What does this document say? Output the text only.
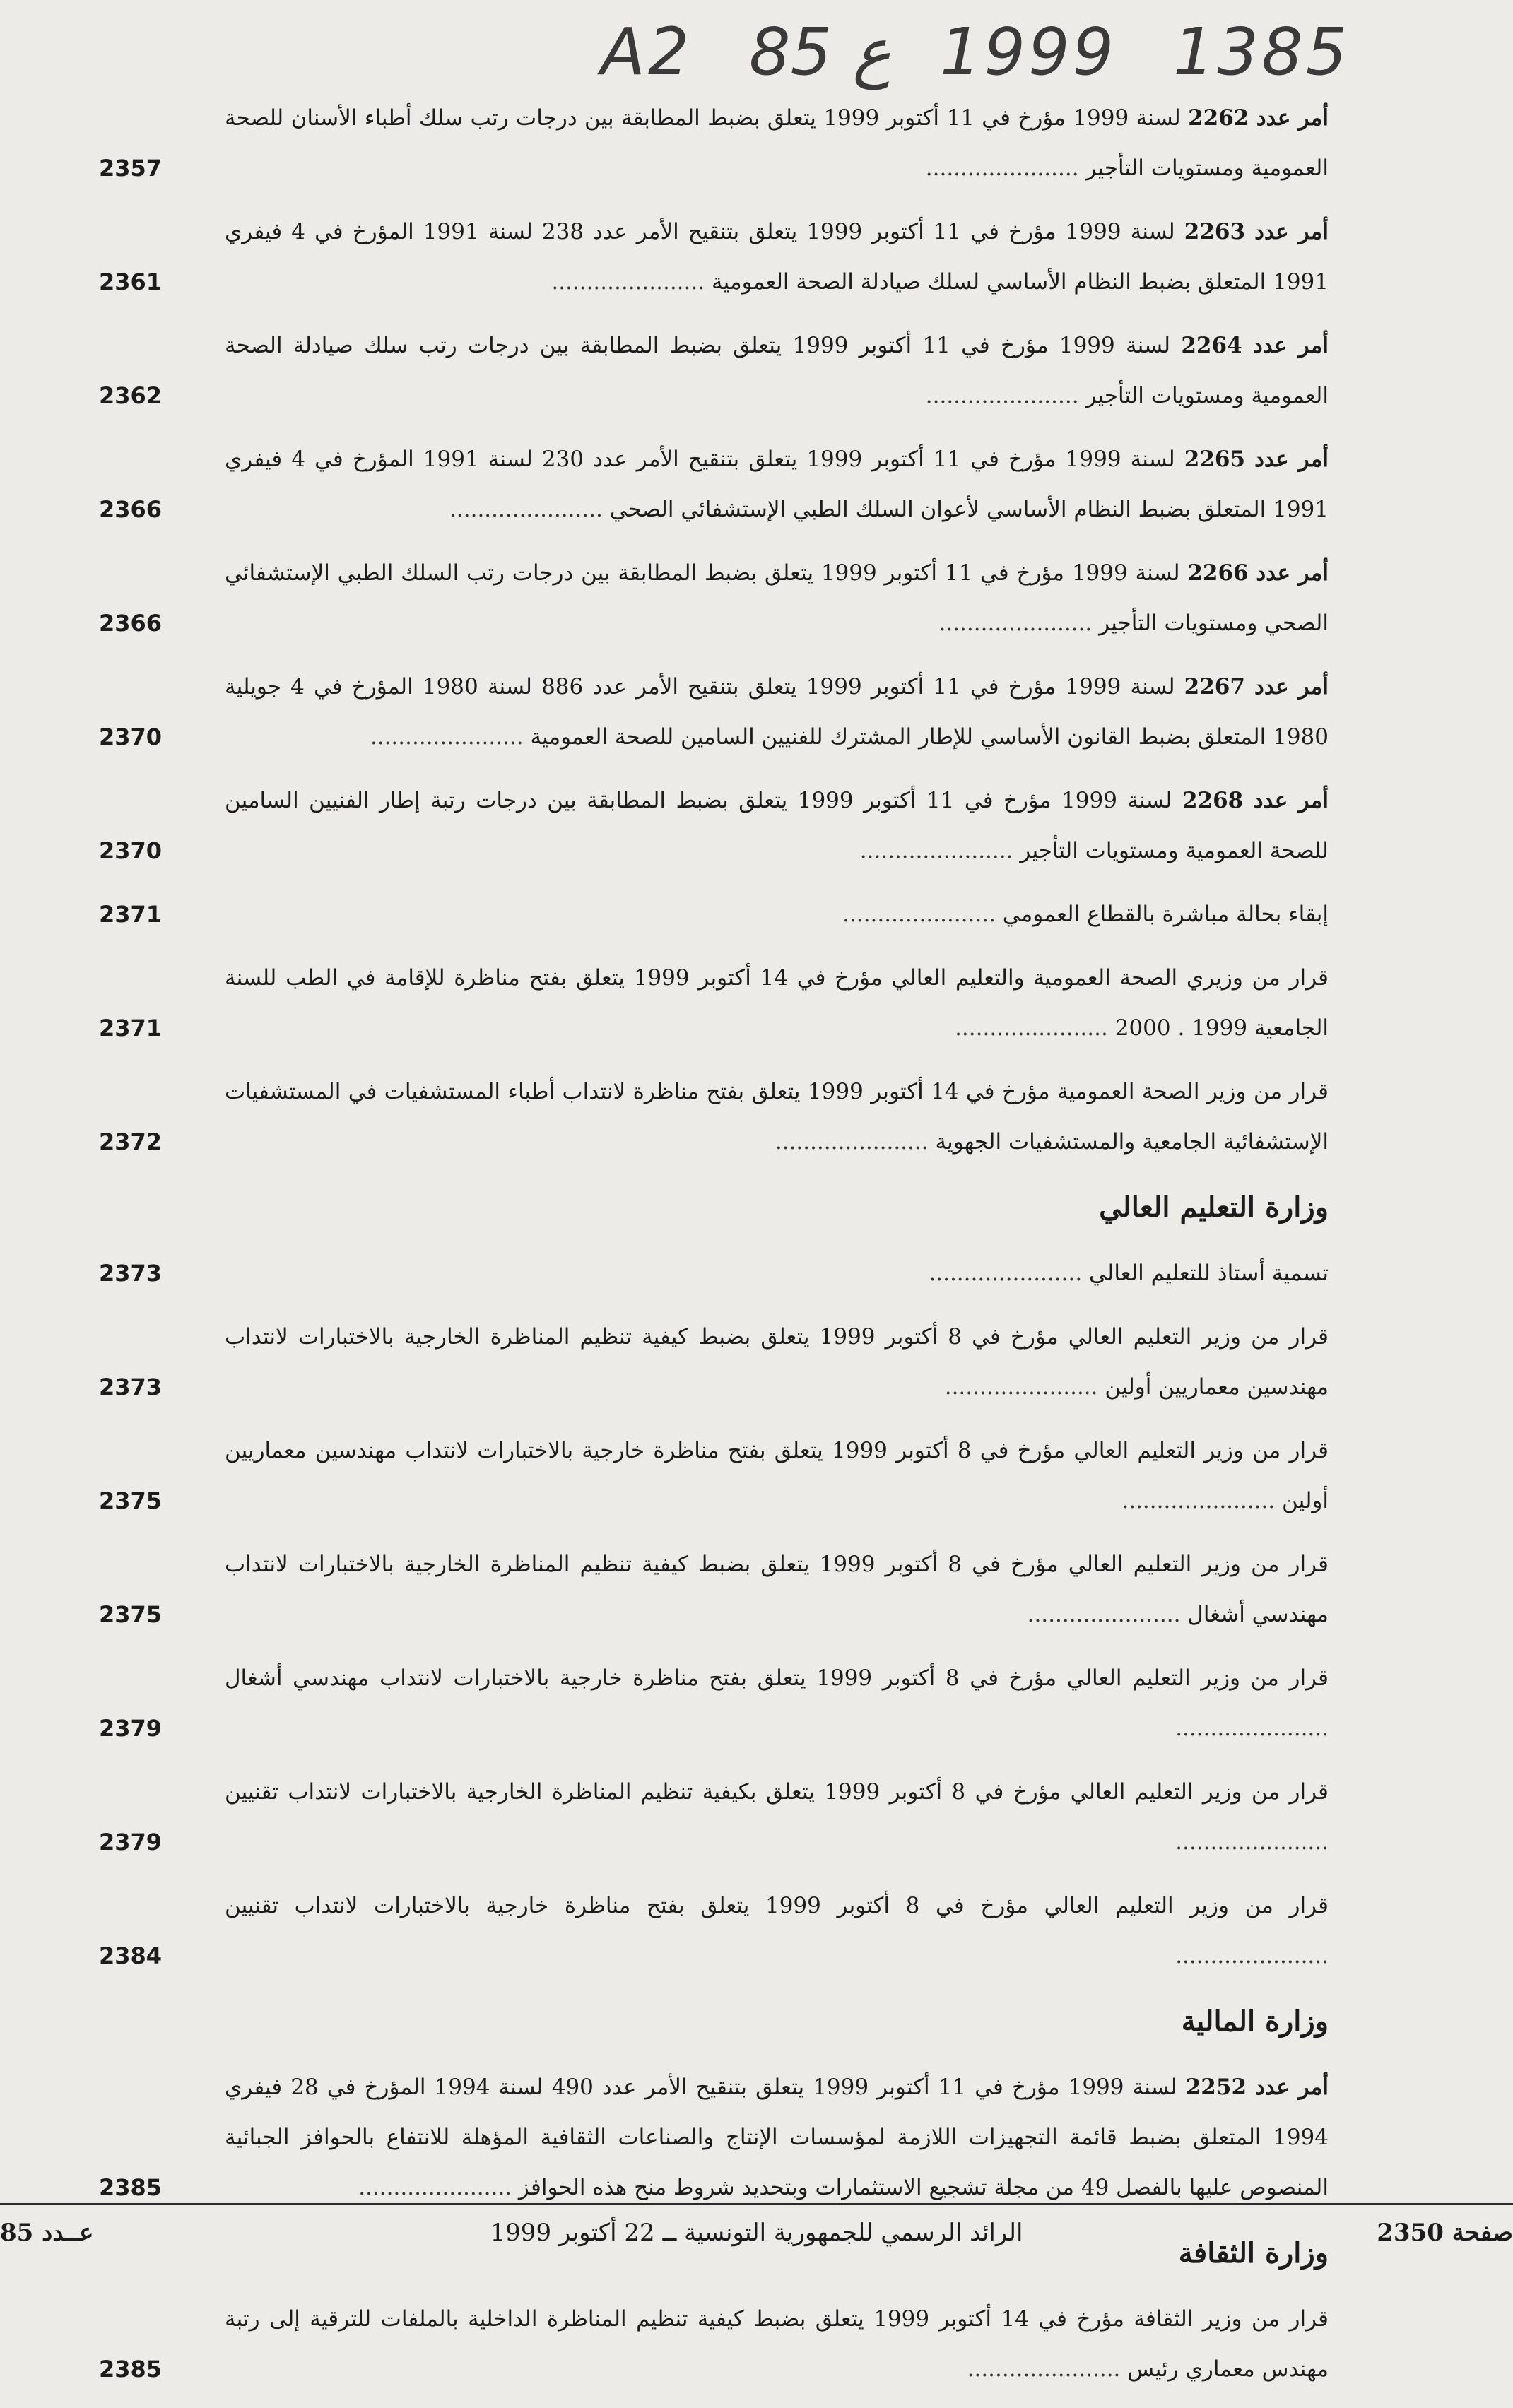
A2 85 ع 1999 1385
أمر عدد 2262 لسنة 1999 مؤرخ في 11 أكتوبر 1999 يتعلق بضبط المطابقة بين درجات رتب سلك أطباء الأسنان للصحة العمومية ومستويات التأجير ......................
2357
أمر عدد 2263 لسنة 1999 مؤرخ في 11 أكتوبر 1999 يتعلق بتنقيح الأمر عدد 238 لسنة 1991 المؤرخ في 4 فيفري 1991 المتعلق بضبط النظام الأساسي لسلك صيادلة الصحة العمومية ......................
2361
أمر عدد 2264 لسنة 1999 مؤرخ في 11 أكتوبر 1999 يتعلق بضبط المطابقة بين درجات رتب سلك صيادلة الصحة العمومية ومستويات التأجير ......................
2362
أمر عدد 2265 لسنة 1999 مؤرخ في 11 أكتوبر 1999 يتعلق بتنقيح الأمر عدد 230 لسنة 1991 المؤرخ في 4 فيفري 1991 المتعلق بضبط النظام الأساسي لأعوان السلك الطبي الإستشفائي الصحي ......................
2366
أمر عدد 2266 لسنة 1999 مؤرخ في 11 أكتوبر 1999 يتعلق بضبط المطابقة بين درجات رتب السلك الطبي الإستشفائي الصحي ومستويات التأجير ......................
2366
أمر عدد 2267 لسنة 1999 مؤرخ في 11 أكتوبر 1999 يتعلق بتنقيح الأمر عدد 886 لسنة 1980 المؤرخ في 4 جويلية 1980 المتعلق بضبط القانون الأساسي للإطار المشترك للفنيين السامين للصحة العمومية ......................
2370
أمر عدد 2268 لسنة 1999 مؤرخ في 11 أكتوبر 1999 يتعلق بضبط المطابقة بين درجات رتبة إطار الفنيين السامين للصحة العمومية ومستويات التأجير ......................
2370
إبقاء بحالة مباشرة بالقطاع العمومي ......................
2371
قرار من وزيري الصحة العمومية والتعليم العالي مؤرخ في 14 أكتوبر 1999 يتعلق بفتح مناظرة للإقامة في الطب للسنة الجامعية 1999 . 2000 ......................
2371
قرار من وزير الصحة العمومية مؤرخ في 14 أكتوبر 1999 يتعلق بفتح مناظرة لانتداب أطباء المستشفيات في المستشفيات الإستشفائية الجامعية والمستشفيات الجهوية ......................
2372
وزارة التعليم العالي
تسمية أستاذ للتعليم العالي ......................
2373
قرار من وزير التعليم العالي مؤرخ في 8 أكتوبر 1999 يتعلق بضبط كيفية تنظيم المناظرة الخارجية بالاختبارات لانتداب مهندسين معماريين أولين ......................
2373
قرار من وزير التعليم العالي مؤرخ في 8 أكتوبر 1999 يتعلق بفتح مناظرة خارجية بالاختبارات لانتداب مهندسين معماريين أولين ......................
2375
قرار من وزير التعليم العالي مؤرخ في 8 أكتوبر 1999 يتعلق بضبط كيفية تنظيم المناظرة الخارجية بالاختبارات لانتداب مهندسي أشغال ......................
2375
قرار من وزير التعليم العالي مؤرخ في 8 أكتوبر 1999 يتعلق بفتح مناظرة خارجية بالاختبارات لانتداب مهندسي أشغال ......................
2379
قرار من وزير التعليم العالي مؤرخ في 8 أكتوبر 1999 يتعلق بكيفية تنظيم المناظرة الخارجية بالاختبارات لانتداب تقنيين ......................
2379
قرار من وزير التعليم العالي مؤرخ في 8 أكتوبر 1999 يتعلق بفتح مناظرة خارجية بالاختبارات لانتداب تقنيين ......................
2384
وزارة المالية
أمر عدد 2252 لسنة 1999 مؤرخ في 11 أكتوبر 1999 يتعلق بتنقيح الأمر عدد 490 لسنة 1994 المؤرخ في 28 فيفري 1994 المتعلق بضبط قائمة التجهيزات اللازمة لمؤسسات الإنتاج والصناعات الثقافية المؤهلة للانتفاع بالحوافز الجبائية المنصوص عليها بالفصل 49 من مجلة تشجيع الاستثمارات وبتحديد شروط منح هذه الحوافز ......................
2385
وزارة الثقافة
قرار من وزير الثقافة مؤرخ في 14 أكتوبر 1999 يتعلق بضبط كيفية تنظيم المناظرة الداخلية بالملفات للترقية إلى رتبة مهندس معماري رئيس ......................
2385
صفحة 2350
الرائد الرسمي للجمهورية التونسية ــ 22 أكتوبر 1999
عــدد 85
